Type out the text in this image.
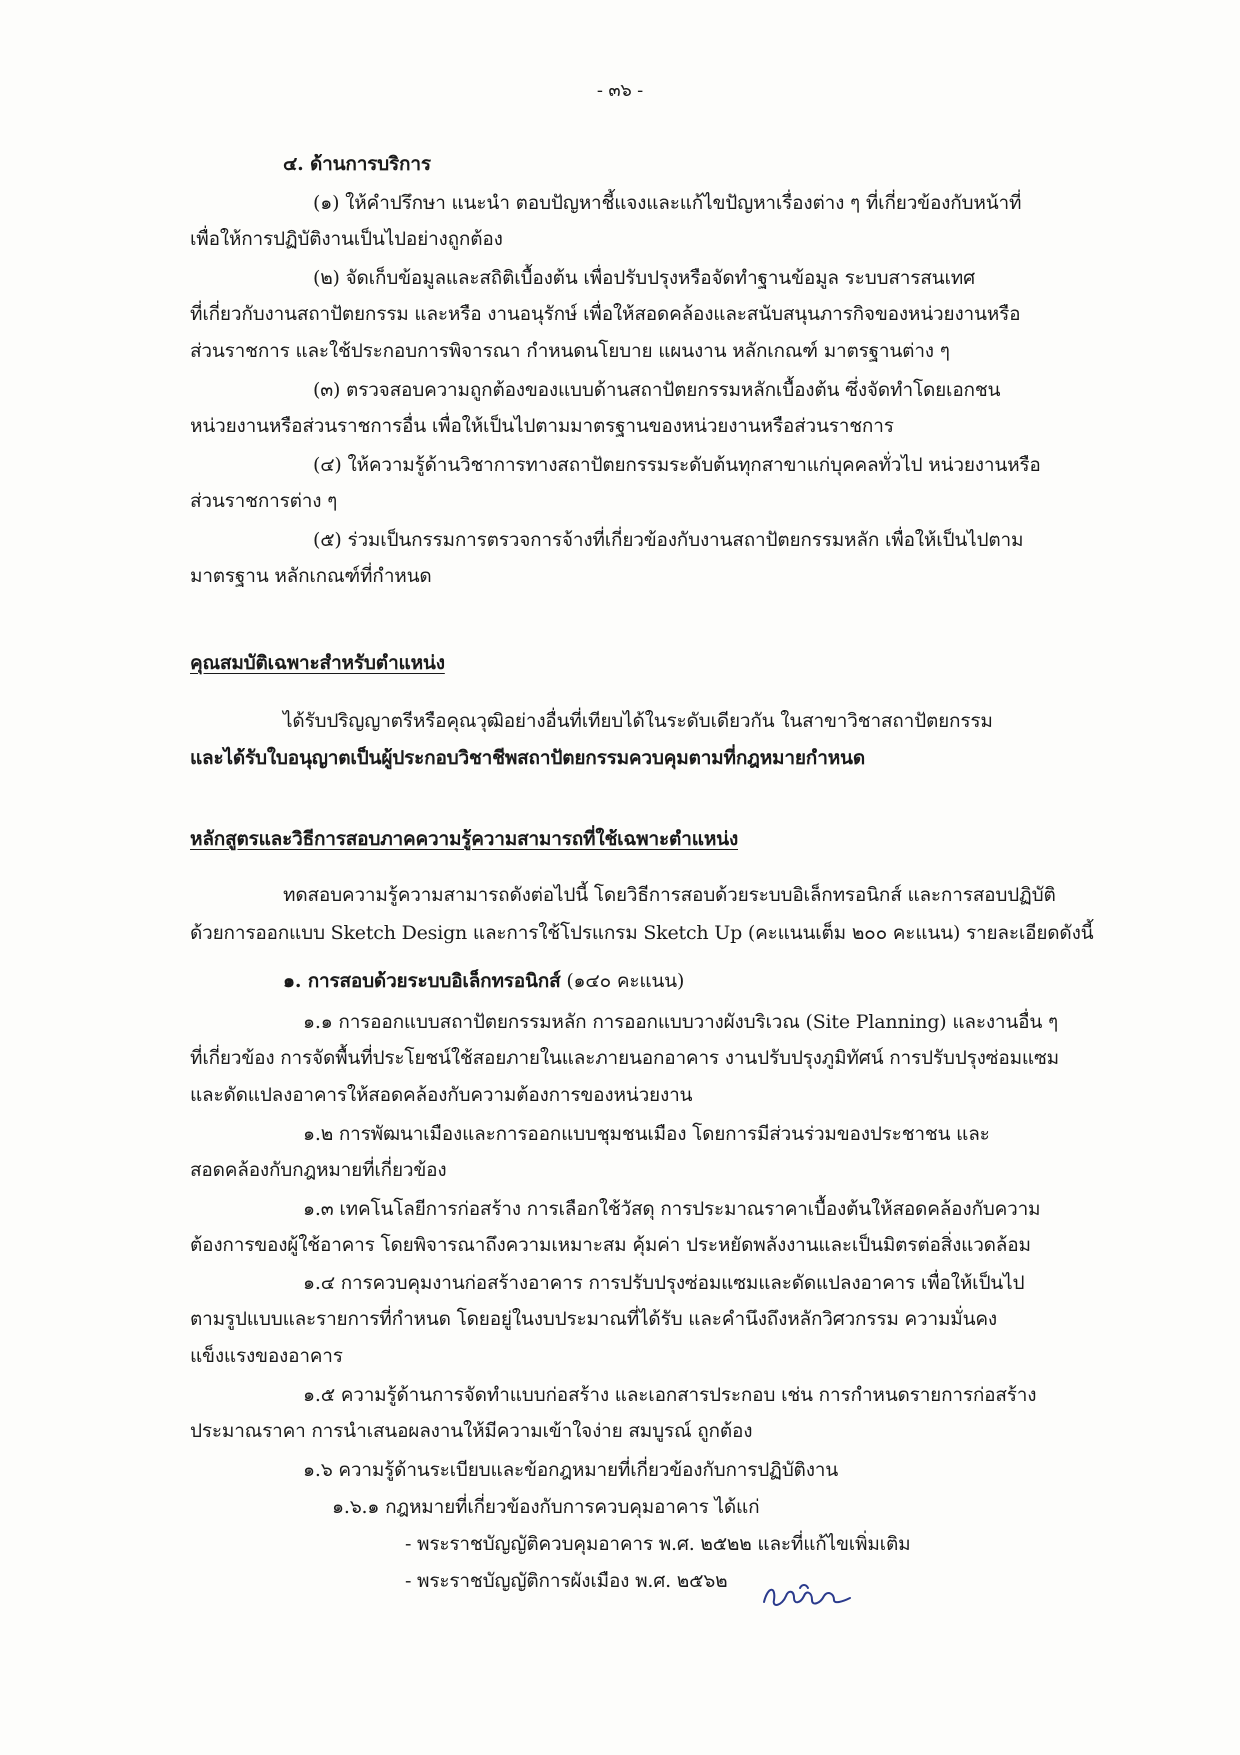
- ๓๖ -
๔. ด้านการบริการ
(๑) ให้คำปรึกษา แนะนำ ตอบปัญหาชี้แจงและแก้ไขปัญหาเรื่องต่าง ๆ ที่เกี่ยวข้องกับหน้าที่
เพื่อให้การปฏิบัติงานเป็นไปอย่างถูกต้อง
(๒) จัดเก็บข้อมูลและสถิติเบื้องต้น เพื่อปรับปรุงหรือจัดทำฐานข้อมูล ระบบสารสนเทศ
ที่เกี่ยวกับงานสถาปัตยกรรม และหรือ งานอนุรักษ์ เพื่อให้สอดคล้องและสนับสนุนภารกิจของหน่วยงานหรือ
ส่วนราชการ และใช้ประกอบการพิจารณา กำหนดนโยบาย แผนงาน หลักเกณฑ์ มาตรฐานต่าง ๆ
(๓) ตรวจสอบความถูกต้องของแบบด้านสถาปัตยกรรมหลักเบื้องต้น ซึ่งจัดทำโดยเอกชน
หน่วยงานหรือส่วนราชการอื่น เพื่อให้เป็นไปตามมาตรฐานของหน่วยงานหรือส่วนราชการ
(๔) ให้ความรู้ด้านวิชาการทางสถาปัตยกรรมระดับต้นทุกสาขาแก่บุคคลทั่วไป หน่วยงานหรือ
ส่วนราชการต่าง ๆ
(๕) ร่วมเป็นกรรมการตรวจการจ้างที่เกี่ยวข้องกับงานสถาปัตยกรรมหลัก เพื่อให้เป็นไปตาม
มาตรฐาน หลักเกณฑ์ที่กำหนด
คุณสมบัติเฉพาะสำหรับตำแหน่ง
ได้รับปริญญาตรีหรือคุณวุฒิอย่างอื่นที่เทียบได้ในระดับเดียวกัน ในสาขาวิชาสถาปัตยกรรม
และได้รับใบอนุญาตเป็นผู้ประกอบวิชาชีพสถาปัตยกรรมควบคุมตามที่กฎหมายกำหนด
หลักสูตรและวิธีการสอบภาคความรู้ความสามารถที่ใช้เฉพาะตำแหน่ง
ทดสอบความรู้ความสามารถดังต่อไปนี้ โดยวิธีการสอบด้วยระบบอิเล็กทรอนิกส์ และการสอบปฏิบัติ
ด้วยการออกแบบ Sketch Design และการใช้โปรแกรม Sketch Up (คะแนนเต็ม ๒๐๐ คะแนน) รายละเอียดดังนี้
๑. การสอบด้วยระบบอิเล็กทรอนิกส์ (๑๔๐ คะแนน)
๑.๑ การออกแบบสถาปัตยกรรมหลัก การออกแบบวางผังบริเวณ (Site Planning) และงานอื่น ๆ
ที่เกี่ยวข้อง การจัดพื้นที่ประโยชน์ใช้สอยภายในและภายนอกอาคาร งานปรับปรุงภูมิทัศน์ การปรับปรุงซ่อมแซม
และดัดแปลงอาคารให้สอดคล้องกับความต้องการของหน่วยงาน
๑.๒ การพัฒนาเมืองและการออกแบบชุมชนเมือง โดยการมีส่วนร่วมของประชาชน และ
สอดคล้องกับกฎหมายที่เกี่ยวข้อง
๑.๓ เทคโนโลยีการก่อสร้าง การเลือกใช้วัสดุ การประมาณราคาเบื้องต้นให้สอดคล้องกับความ
ต้องการของผู้ใช้อาคาร โดยพิจารณาถึงความเหมาะสม คุ้มค่า ประหยัดพลังงานและเป็นมิตรต่อสิ่งแวดล้อม
๑.๔ การควบคุมงานก่อสร้างอาคาร การปรับปรุงซ่อมแซมและดัดแปลงอาคาร เพื่อให้เป็นไป
ตามรูปแบบและรายการที่กำหนด โดยอยู่ในงบประมาณที่ได้รับ และคำนึงถึงหลักวิศวกรรม ความมั่นคง
แข็งแรงของอาคาร
๑.๕ ความรู้ด้านการจัดทำแบบก่อสร้าง และเอกสารประกอบ เช่น การกำหนดรายการก่อสร้าง
ประมาณราคา การนำเสนอผลงานให้มีความเข้าใจง่าย สมบูรณ์ ถูกต้อง
๑.๖ ความรู้ด้านระเบียบและข้อกฎหมายที่เกี่ยวข้องกับการปฏิบัติงาน
๑.๖.๑ กฎหมายที่เกี่ยวข้องกับการควบคุมอาคาร ได้แก่
- พระราชบัญญัติควบคุมอาคาร พ.ศ. ๒๕๒๒ และที่แก้ไขเพิ่มเติม
- พระราชบัญญัติการผังเมือง พ.ศ. ๒๕๖๒
